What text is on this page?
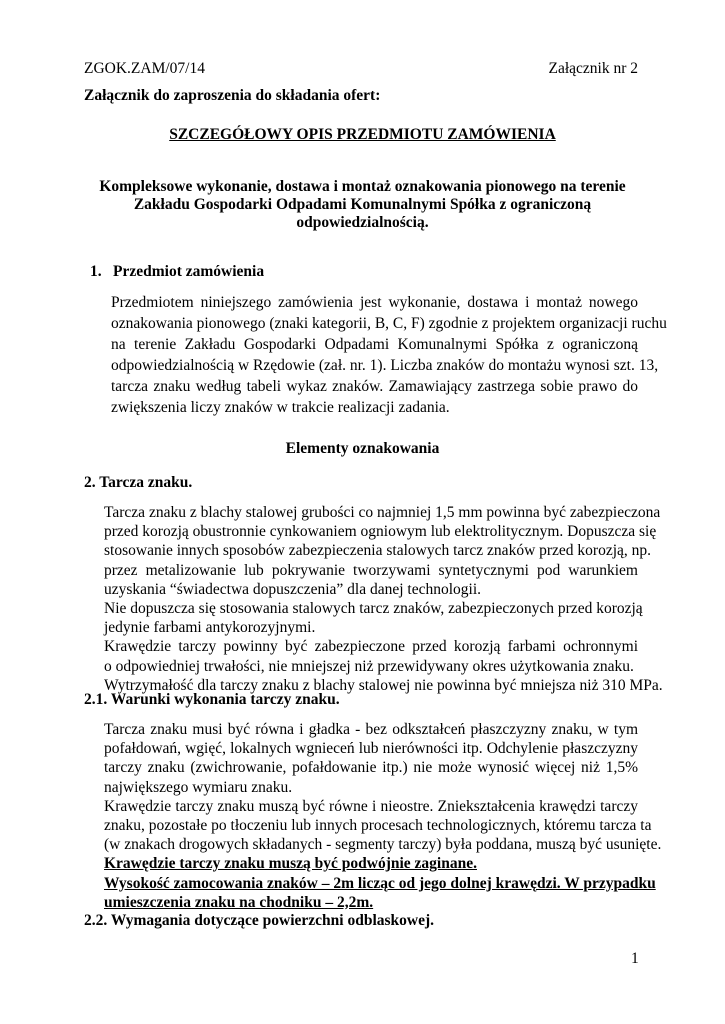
ZGOK.ZAM/07/14	Załącznik nr 2
Załącznik do zaproszenia do składania ofert:
SZCZEGÓŁOWY OPIS PRZEDMIOTU ZAMÓWIENIA
Kompleksowe wykonanie, dostawa i montaż oznakowania pionowego na terenie
Zakładu Gospodarki Odpadami Komunalnymi Spółka z ograniczoną
odpowiedzialnością.
1. Przedmiot zamówienia
Przedmiotem niniejszego zamówienia jest wykonanie, dostawa i montaż nowego
oznakowania pionowego (znaki kategorii, B, C, F) zgodnie z projektem organizacji ruchu
na terenie Zakładu Gospodarki Odpadami Komunalnymi Spółka z ograniczoną
odpowiedzialnością w Rzędowie (zał. nr. 1). Liczba znaków do montażu wynosi szt. 13,
tarcza znaku według tabeli wykaz znaków. Zamawiający zastrzega sobie prawo do
zwiększenia liczy znaków w trakcie realizacji zadania.
Elementy oznakowania
2. Tarcza znaku.
Tarcza znaku z blachy stalowej grubości co najmniej 1,5 mm powinna być zabezpieczona
przed korozją obustronnie cynkowaniem ogniowym lub elektrolitycznym. Dopuszcza się
stosowanie innych sposobów zabezpieczenia stalowych tarcz znaków przed korozją, np.
przez metalizowanie lub pokrywanie tworzywami syntetycznymi pod warunkiem
uzyskania “świadectwa dopuszczenia” dla danej technologii.
Nie dopuszcza się stosowania stalowych tarcz znaków, zabezpieczonych przed korozją
jedynie farbami antykorozyjnymi.
Krawędzie tarczy powinny być zabezpieczone przed korozją farbami ochronnymi
o odpowiedniej trwałości, nie mniejszej niż przewidywany okres użytkowania znaku.
Wytrzymałość dla tarczy znaku z blachy stalowej nie powinna być mniejsza niż 310 MPa.
2.1. Warunki wykonania tarczy znaku.
Tarcza znaku musi być równa i gładka - bez odkształceń płaszczyzny znaku, w tym
pofałdowań, wgięć, lokalnych wgnieceń lub nierówności itp. Odchylenie płaszczyzny
tarczy znaku (zwichrowanie, pofałdowanie itp.) nie może wynosić więcej niż 1,5%
największego wymiaru znaku.
Krawędzie tarczy znaku muszą być równe i nieostre. Zniekształcenia krawędzi tarczy
znaku, pozostałe po tłoczeniu lub innych procesach technologicznych, któremu tarcza ta
(w znakach drogowych składanych - segmenty tarczy) była poddana, muszą być usunięte.
Krawędzie tarczy znaku muszą być podwójnie zaginane.
Wysokość zamocowania znaków – 2m licząc od jego dolnej krawędzi. W przypadku
umieszczenia znaku na chodniku – 2,2m.
2.2. Wymagania dotyczące powierzchni odblaskowej.
1
